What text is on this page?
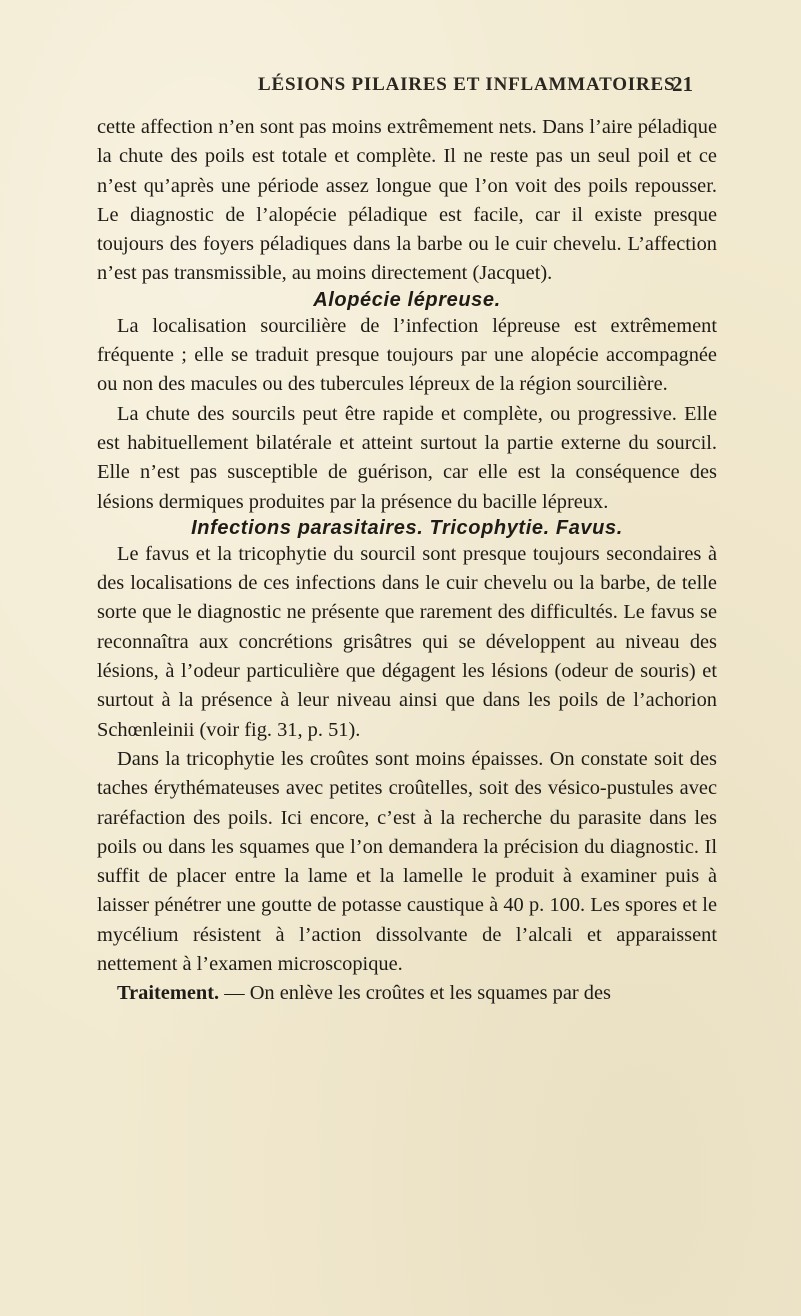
LÉSIONS PILAIRES ET INFLAMMATOIRES
21

cette affection n’en sont pas moins extrêmement nets. Dans l’aire péladique la chute des poils est totale et complète. Il ne reste pas un seul poil et ce n’est qu’après une période assez longue que l’on voit des poils repousser. Le diagnostic de l’alopécie péladique est facile, car il existe presque toujours des foyers péladiques dans la barbe ou le cuir chevelu. L’affection n’est pas transmissible, au moins directement (Jacquet).

Alopécie lépreuse.

La localisation sourcilière de l’infection lépreuse est extrêmement fréquente ; elle se traduit presque toujours par une alopécie accompagnée ou non des macules ou des tubercules lépreux de la région sourcilière.

La chute des sourcils peut être rapide et complète, ou progressive. Elle est habituellement bilatérale et atteint surtout la partie externe du sourcil. Elle n’est pas susceptible de guérison, car elle est la conséquence des lésions dermiques produites par la présence du bacille lépreux.

Infections parasitaires. Tricophytie. Favus.

Le favus et la tricophytie du sourcil sont presque toujours secondaires à des localisations de ces infections dans le cuir chevelu ou la barbe, de telle sorte que le diagnostic ne présente que rarement des difficultés. Le favus se reconnaîtra aux concrétions grisâtres qui se développent au niveau des lésions, à l’odeur particulière que dégagent les lésions (odeur de souris) et surtout à la présence à leur niveau ainsi que dans les poils de l’achorion Schœnleinii (voir fig. 31, p. 51).

Dans la tricophytie les croûtes sont moins épaisses. On constate soit des taches érythémateuses avec petites croûtelles, soit des vésico-pustules avec raréfaction des poils. Ici encore, c’est à la recherche du parasite dans les poils ou dans les squames que l’on demandera la précision du diagnostic. Il suffit de placer entre la lame et la lamelle le produit à examiner puis à laisser pénétrer une goutte de potasse caustique à 40 p. 100. Les spores et le mycélium résistent à l’action dissolvante de l’alcali et apparaissent nettement à l’examen microscopique.

Traitement. — On enlève les croûtes et les squames par des
